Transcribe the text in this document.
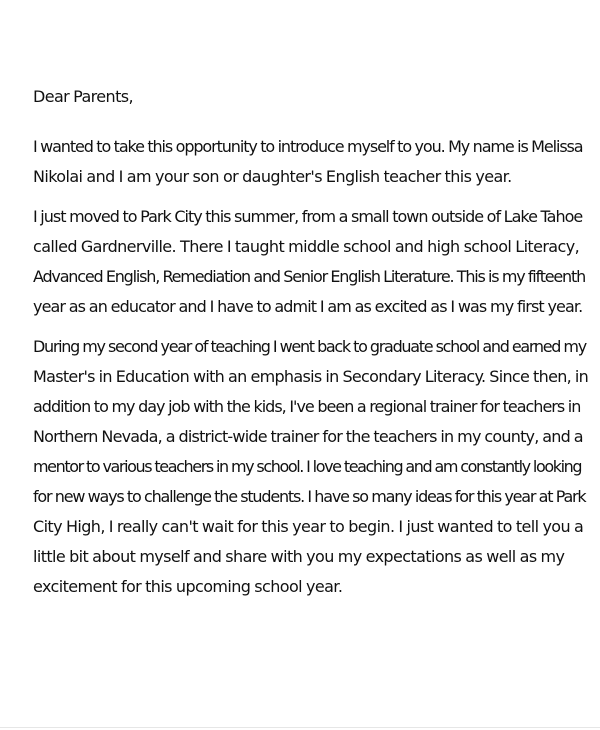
Dear Parents,
I wanted to take this opportunity to introduce myself to you. My name is Melissa
Nikolai and I am your son or daughter's English teacher this year.
I just moved to Park City this summer, from a small town outside of Lake Tahoe
called Gardnerville. There I taught middle school and high school Literacy,
Advanced English, Remediation and Senior English Literature. This is my fifteenth
year as an educator and I have to admit I am as excited as I was my first year.
During my second year of teaching I went back to graduate school and earned my
Master's in Education with an emphasis in Secondary Literacy. Since then, in
addition to my day job with the kids, I've been a regional trainer for teachers in
Northern Nevada, a district-wide trainer for the teachers in my county, and a
mentor to various teachers in my school. I love teaching and am constantly looking
for new ways to challenge the students. I have so many ideas for this year at Park
City High, I really can't wait for this year to begin. I just wanted to tell you a
little bit about myself and share with you my expectations as well as my
excitement for this upcoming school year.
